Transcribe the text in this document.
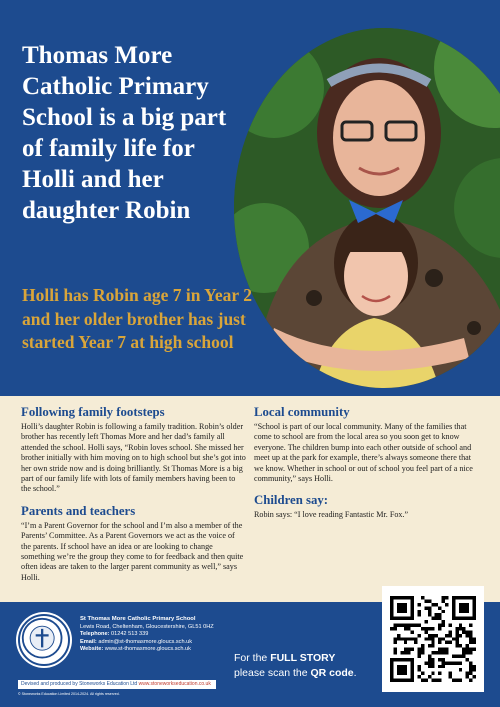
Thomas More Catholic Primary School is a big part of family life for Holli and her daughter Robin
Holli has Robin age 7 in Year 2 and her older brother has just started Year 7 at high school
Following family footsteps

Holli’s daughter Robin is following a family tradition. Robin’s older brother has recently left Thomas More and her dad’s family all attended the school. Holli says, “Robin loves school. She missed her brother initially with him moving on to high school but she’s got into her own stride now and is doing brilliantly. St Thomas More is a big part of our family life with lots of family members having been to the school.”

Parents and teachers

“I’m a Parent Governor for the school and I’m also a member of the Parents’ Committee. As a Parent Governors we act as the voice of the parents. If school have an idea or are looking to change something we’re the group they come to for feedback and then quite often ideas are taken to the larger parent community as well,” says Holli.

Local community

“School is part of our local community. Many of the families that come to school are from the local area so you soon get to know everyone. The children bump into each other outside of school and meet up at the park for example, there’s always someone there that we know. Whether in school or out of school you feel part of a nice community,” says Holli.

Children say:

Robin says: “I love reading Fantastic Mr. Fox.”

St Thomas More Catholic Primary School
Lewis Road, Cheltenham, Gloucestershire, GL51 0HZ
Telephone: 01242 513 339
Email: admin@st-thomasmore.gloucs.sch.uk
Website: www.st-thomasmore.gloucs.sch.uk
Devised and produced by Stoneworks Education Ltd www.stoneworkseducation.co.uk
© Stoneworks Education Limited 2014-2024. All rights reserved.
For the FULL STORY
please scan the QR code.
